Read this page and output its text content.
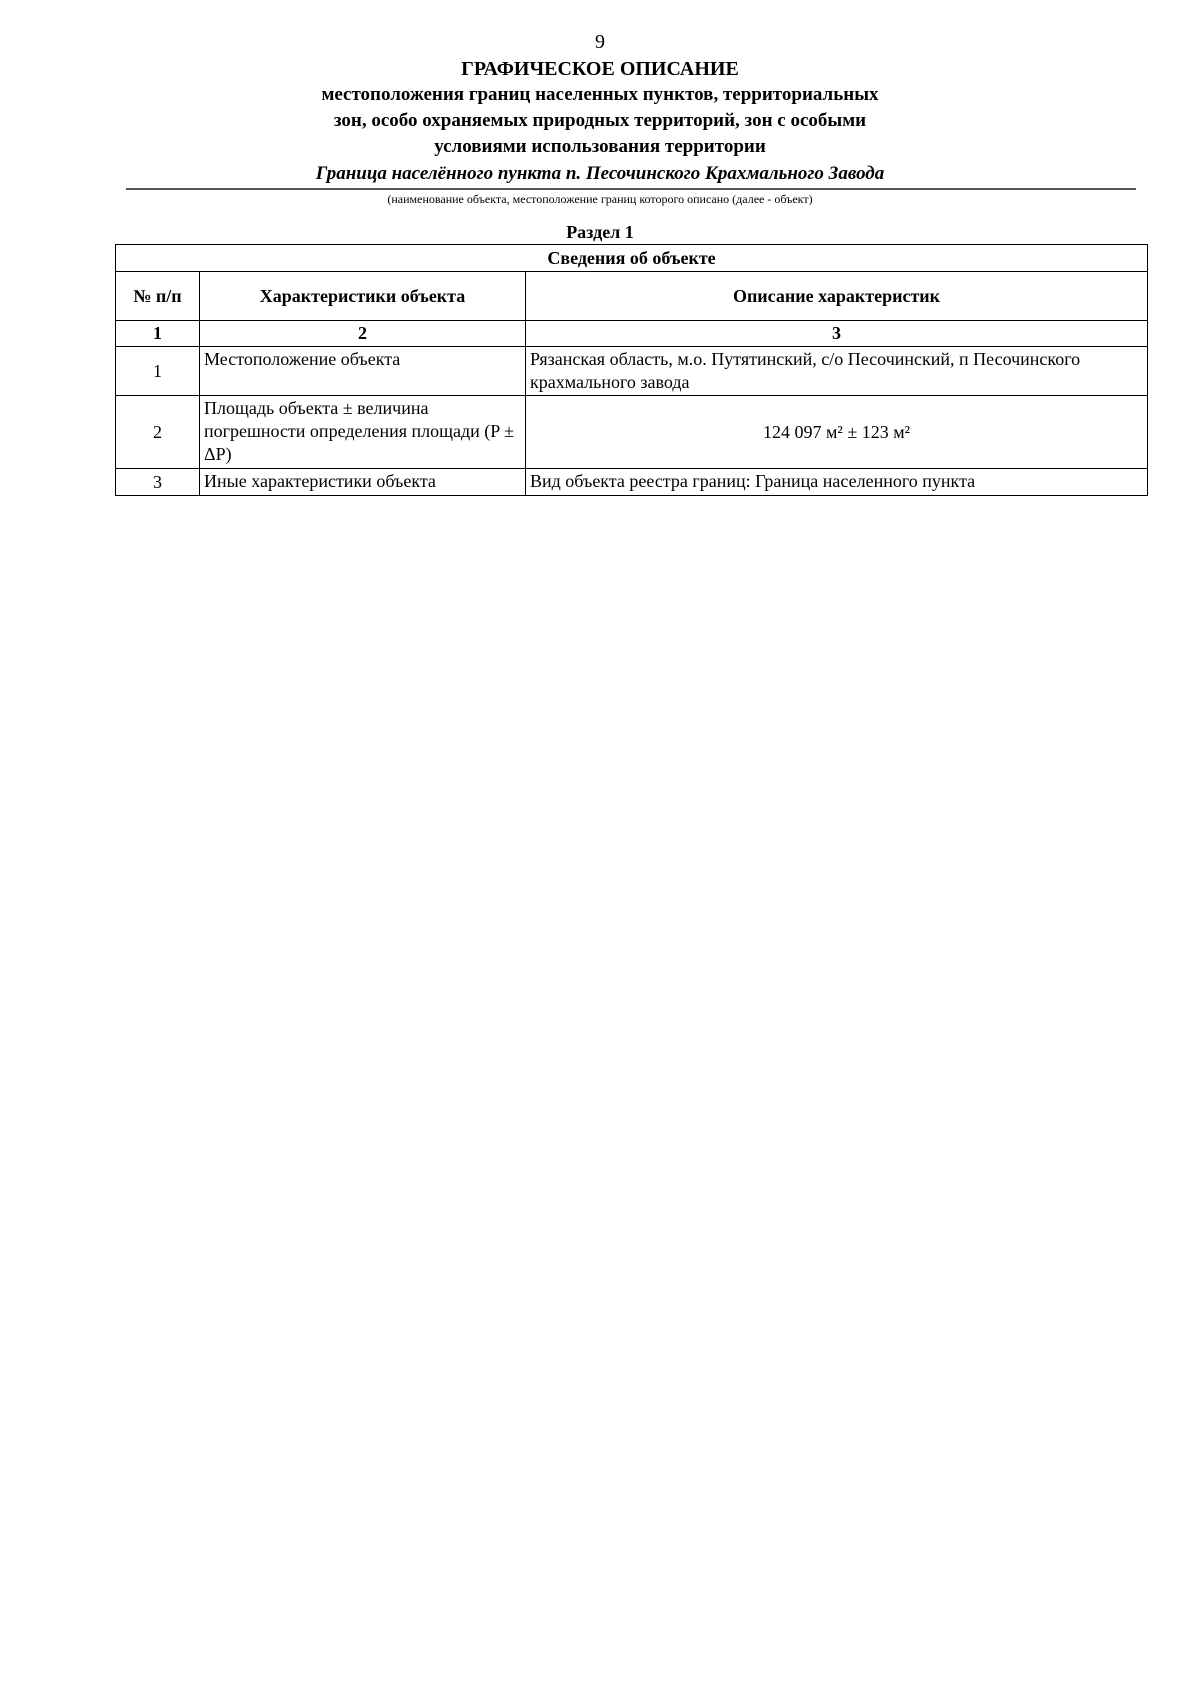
9

ГРАФИЧЕСКОЕ ОПИСАНИЕ

местоположения границ населенных пунктов, территориальных

зон, особо охраняемых природных территорий, зон с особыми

условиями использования территории

Граница населённого пункта п. Песочинского Крахмального Завода
(наименование объекта, местоположение границ которого описано (далее - объект)
Раздел 1
Сведения об объекте		
№ п/п	Характеристики объекта	Описание характеристик
1	2	3
1	Местоположение объекта	Рязанская область, м.о. Путятинский, с/о Песочинский, п Песочинского крахмального завода
2	Площадь объекта ± величина погрешности определения площади (P ± ΔP)	124 097 м² ± 123 м²
3	Иные характеристики объекта	Вид объекта реестра границ: Граница населенного пункта
